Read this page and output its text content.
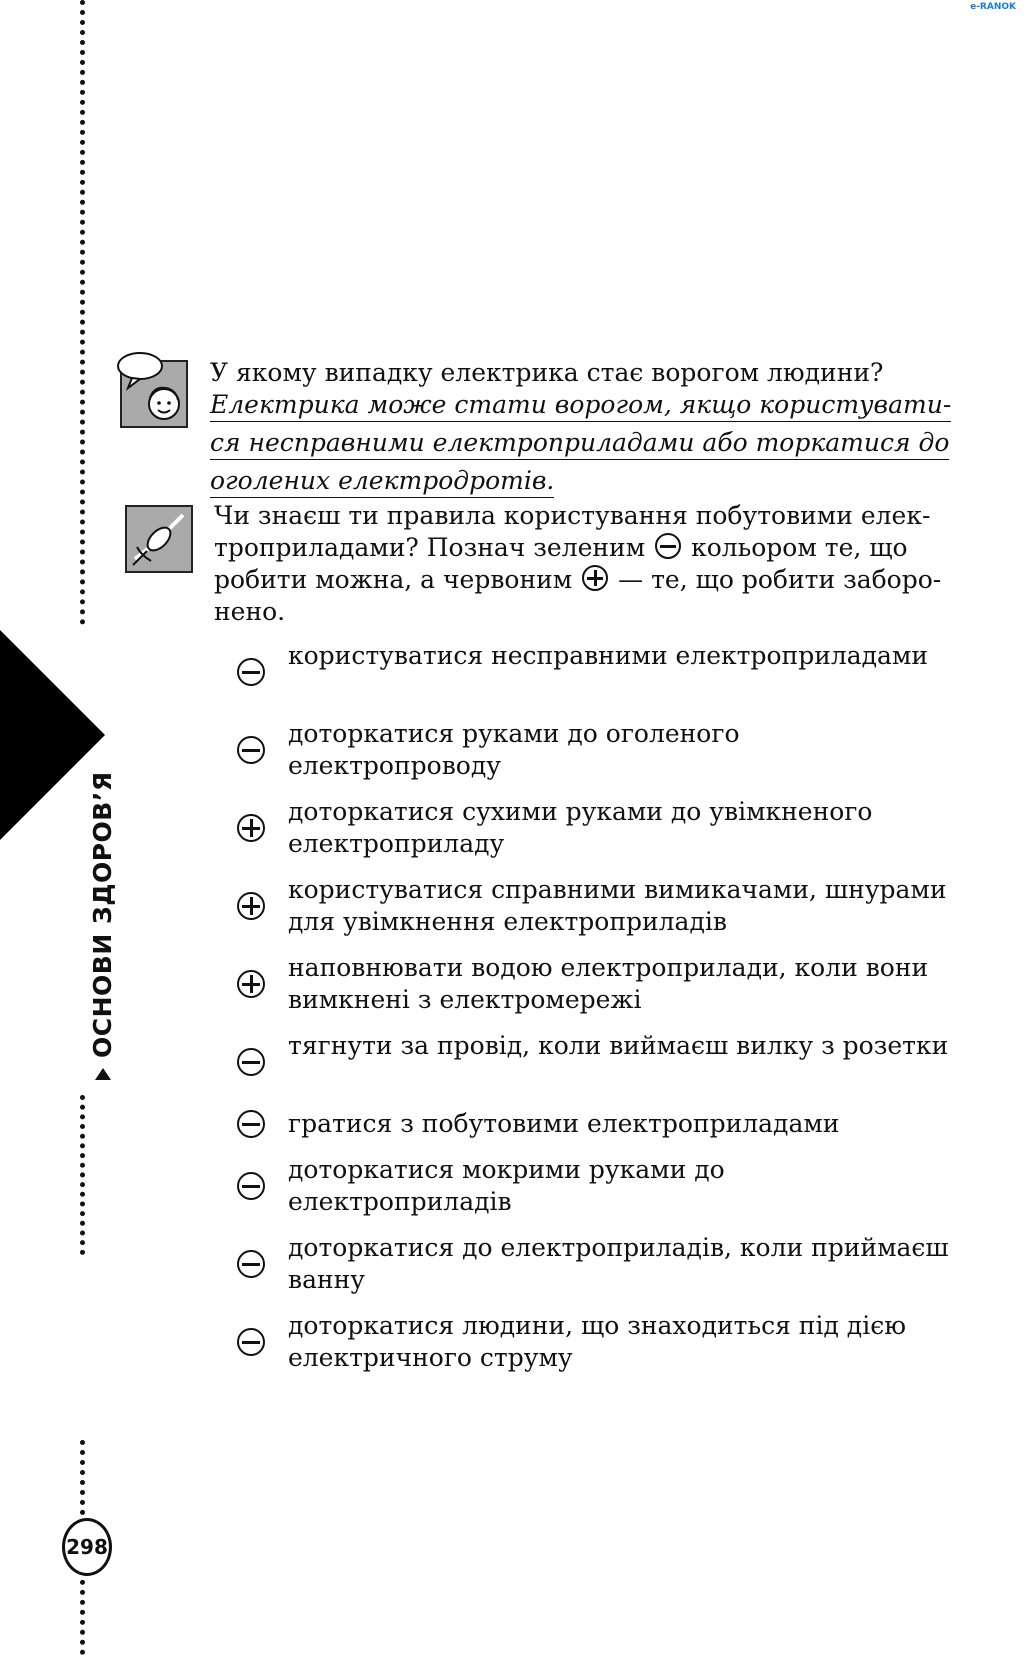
e-RANOK
ОСНОВИ ЗДОРОВ’Я
298
У якому випадку електрика стає ворогом людини?
Електрика може стати ворогом, якщо користувати-
ся несправними електроприладами або торкатися до
оголених електродротів.
Чи знаєш ти правила користування побутовими елек-
троприладами? Познач зеленим кольором те, що
робити можна, а червоним — те, що робити заборо-
нено.
користуватися несправними електроприладами
доторкатися руками до оголеного електропроводу
доторкатися сухими руками до увімкненого електроприладу
користуватися справними вимикачами, шнурами для увімкнення електроприладів
наповнювати водою електроприлади, коли вони вимкнені з електромережі
тягнути за провід, коли виймаєш вилку з розетки
гратися з побутовими електроприладами
доторкатися мокрими руками до електроприладів
доторкатися до електроприладів, коли приймаєш ванну
доторкатися людини, що знаходиться під дією електричного струму
